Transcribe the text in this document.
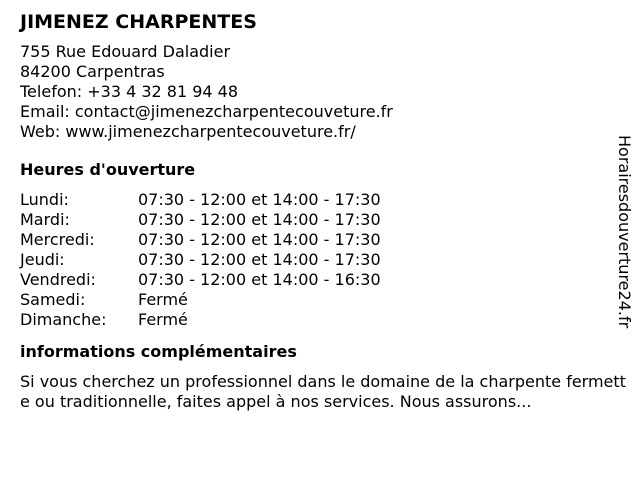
JIMENEZ CHARPENTES
755 Rue Edouard Daladier
84200 Carpentras
Telefon: +33 4 32 81 94 48
Email: contact@jimenezcharpentecouveture.fr
Web: www.jimenezcharpentecouveture.fr/
Heures d'ouverture
Lundi:	07:30 - 12:00 et 14:00 - 17:30
Mardi:	07:30 - 12:00 et 14:00 - 17:30
Mercredi:	07:30 - 12:00 et 14:00 - 17:30
Jeudi:	07:30 - 12:00 et 14:00 - 17:30
Vendredi:	07:30 - 12:00 et 14:00 - 16:30
Samedi:	Fermé
Dimanche:	Fermé
informations complémentaires
Si vous cherchez un professionnel dans le domaine de la charpente fermette ou traditionnelle, faites appel à nos services. Nous assurons...
Horairesdouverture24.fr
